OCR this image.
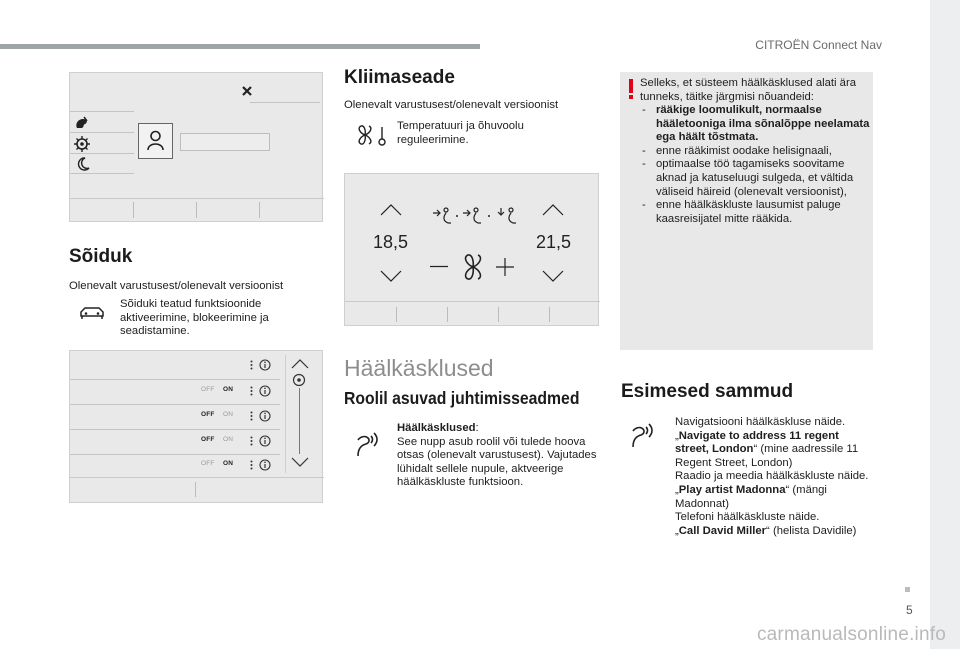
CITROËN Connect Nav
5
carmanualsonline.info
Sõiduk
Olenevalt varustusest/olenevalt versioonist
Sõiduki teatud funktsioonide aktiveerimine, blokeerimine ja seadistamine.
OFF ON
OFF ON
OFF ON
OFF ON
Kliimaseade
Olenevalt varustusest/olenevalt versioonist
Temperatuuri ja õhuvoolu reguleerimine.
18,5	21,5
Häälkäsklused
Roolil asuvad juhtimisseadmed
Häälkäsklused:
See nupp asub roolil või tulede hoova otsas (olenevalt varustusest). Vajutades lühidalt sellele nupule, aktveerige häälkäskluste funktsioon.
Selleks, et süsteem häälkäsklused alati ära tunneks, täitke järgmisi nõuandeid:
- rääkige loomulikult, normaalse hääletooniga ilma sõnalõppe neelamata ega häält tõstmata.
- enne rääkimist oodake helisignaali,
- optimaalse töö tagamiseks soovitame aknad ja katuseluugi sulgeda, et vältida väliseid häireid (olenevalt versioonist),
- enne häälkäskluste lausumist paluge kaasreisijatel mitte rääkida.
Esimesed sammud
Navigatsiooni häälkäskluse näide.
„Navigate to address 11 regent street, London“ (mine aadressile 11 Regent Street, London)
Raadio ja meedia häälkäskluste näide.
„Play artist Madonna“ (mängi Madonnat)
Telefoni häälkäskluste näide.
„Call David Miller“ (helista Davidile)
